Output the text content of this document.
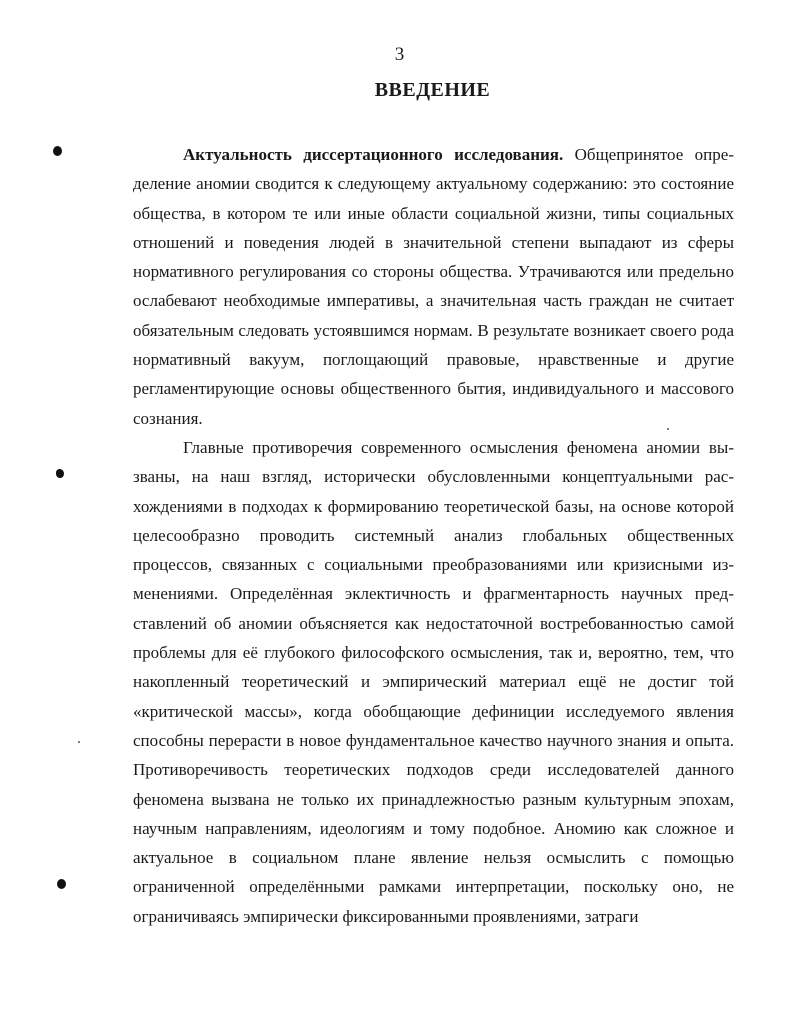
3
ВВЕДЕНИЕ

Актуальность диссертационного исследования. Общепринятое определение аномии сводится к следующему актуальному содержанию: это состояние общества, в котором те или иные области социальной жизни, типы социальных отношений и поведения людей в значительной степени выпадают из сферы нормативного регулирования со стороны общества. Утрачиваются или предельно ослабевают необходимые императивы, а значительная часть граждан не считает обязательным следовать устоявшимся нормам. В результате возникает своего рода нормативный вакуум, поглощающий правовые, нравственные и другие регламентирующие основы общественного бытия, индивидуального и массового сознания.

Главные противоречия современного осмысления феномена аномии вызваны, на наш взгляд, исторически обусловленными концептуальными расхождениями в подходах к формированию теоретической базы, на основе которой целесообразно проводить системный анализ глобальных общественных процессов, связанных с социальными преобразованиями или кризисными изменениями. Определённая эклектичность и фрагментарность научных представлений об аномии объясняется как недостаточной востребованностью самой проблемы для её глубокого философского осмысления, так и, вероятно, тем, что накопленный теоретический и эмпирический материал ещё не достиг той «критической массы», когда обобщающие дефиниции исследуемого явления способны перерасти в новое фундаментальное качество научного знания и опыта. Противоречивость теоретических подходов среди исследователей данного феномена вызвана не только их принадлежностью разным культурным эпохам, научным направлениям, идеологиям и тому подобное. Аномию как сложное и актуальное в социальном плане явление нельзя осмыслить с помощью ограниченной определёнными рамками интерпретации, поскольку оно, не ограничиваясь эмпирически фиксированными проявлениями, затраги
